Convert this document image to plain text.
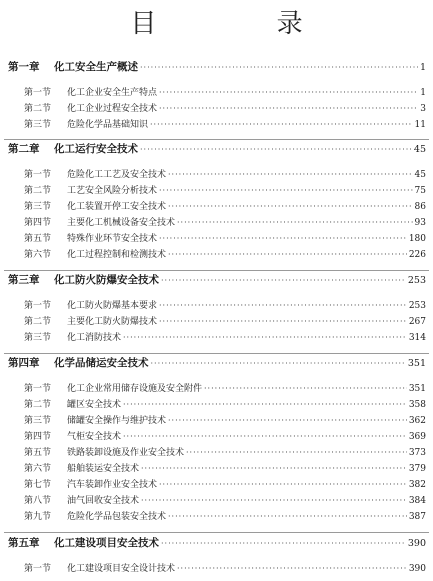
目 录
第一章	化工安全生产概述 ·····	1
第一节	化工企业安全生产特点 ·····	1
第二节	化工企业过程安全技术 ·····	3
第三节	危险化学品基础知识 ·····	11
第二章	化工运行安全技术 ·····	45
第一节	危险化工工艺及安全技术 ·····	45
第二节	工艺安全风险分析技术 ·····	75
第三节	化工装置开停工安全技术 ·····	86
第四节	主要化工机械设备安全技术 ·····	93
第五节	特殊作业环节安全技术 ·····	180
第六节	化工过程控制和检测技术 ·····	226
第三章	化工防火防爆安全技术 ·····	253
第一节	化工防火防爆基本要求 ·····	253
第二节	主要化工防火防爆技术 ·····	267
第三节	化工消防技术 ·····	314
第四章	化学品储运安全技术 ·····	351
第一节	化工企业常用储存设施及安全附件 ·····	351
第二节	罐区安全技术 ·····	358
第三节	储罐安全操作与维护技术 ·····	362
第四节	气柜安全技术 ·····	369
第五节	铁路装卸设施及作业安全技术 ·····	373
第六节	船舶装运安全技术 ·····	379
第七节	汽车装卸作业安全技术 ·····	382
第八节	油气回收安全技术 ·····	384
第九节	危险化学品包装安全技术 ·····	387
第五章	化工建设项目安全技术 ·····	390
第一节	化工建设项目安全设计技术 ·····	390
